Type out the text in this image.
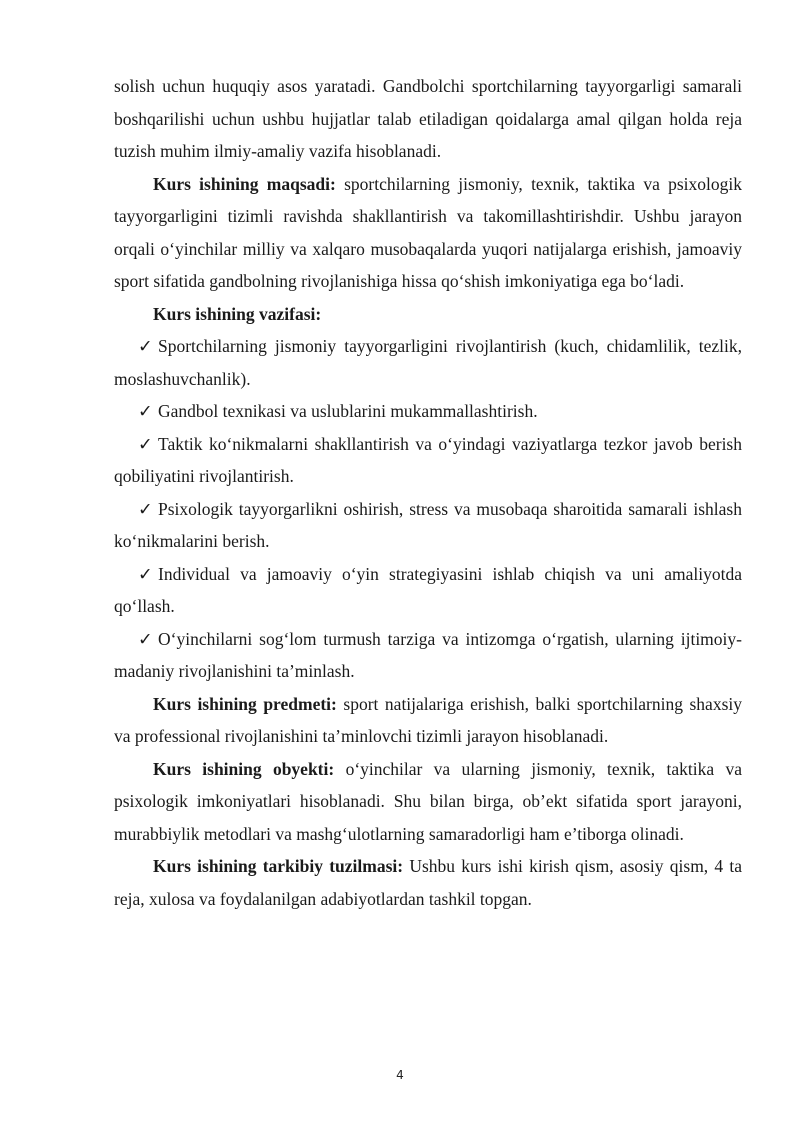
solish uchun huquqiy asos yaratadi. Gandbolchi sportchilarning tayyorgarligi samarali boshqarilishi uchun ushbu hujjatlar talab etiladigan qoidalarga amal qilgan holda reja tuzish muhim ilmiy-amaliy vazifa hisoblanadi.

Kurs ishining maqsadi: sportchilarning jismoniy, texnik, taktika va psixologik tayyorgarligini tizimli ravishda shakllantirish va takomillashtirishdir. Ushbu jarayon orqali o‘yinchilar milliy va xalqaro musobaqalarda yuqori natijalarga erishish, jamoaviy sport sifatida gandbolning rivojlanishiga hissa qo‘shish imkoniyatiga ega bo‘ladi.

Kurs ishining vazifasi:

✓ Sportchilarning jismoniy tayyorgarligini rivojlantirish (kuch, chidamlilik, tezlik, moslashuvchanlik).

✓ Gandbol texnikasi va uslublarini mukammallashtirish.

✓ Taktik ko‘nikmalarni shakllantirish va o‘yindagi vaziyatlarga tezkor javob berish qobiliyatini rivojlantirish.

✓ Psixologik tayyorgarlikni oshirish, stress va musobaqa sharoitida samarali ishlash ko‘nikmalarini berish.

✓ Individual va jamoaviy o‘yin strategiyasini ishlab chiqish va uni amaliyotda qo‘llash.

✓ O‘yinchilarni sog‘lom turmush tarziga va intizomga o‘rgatish, ularning ijtimoiy-madaniy rivojlanishini ta’minlash.

Kurs ishining predmeti: sport natijalariga erishish, balki sportchilarning shaxsiy va professional rivojlanishini ta’minlovchi tizimli jarayon hisoblanadi.

Kurs ishining obyekti: o‘yinchilar va ularning jismoniy, texnik, taktika va psixologik imkoniyatlari hisoblanadi. Shu bilan birga, ob’ekt sifatida sport jarayoni, murabbiylik metodlari va mashg‘ulotlarning samaradorligi ham e’tiborga olinadi.

Kurs ishining tarkibiy tuzilmasi: Ushbu kurs ishi kirish qism, asosiy qism, 4 ta reja, xulosa va foydalanilgan adabiyotlardan tashkil topgan.

4
